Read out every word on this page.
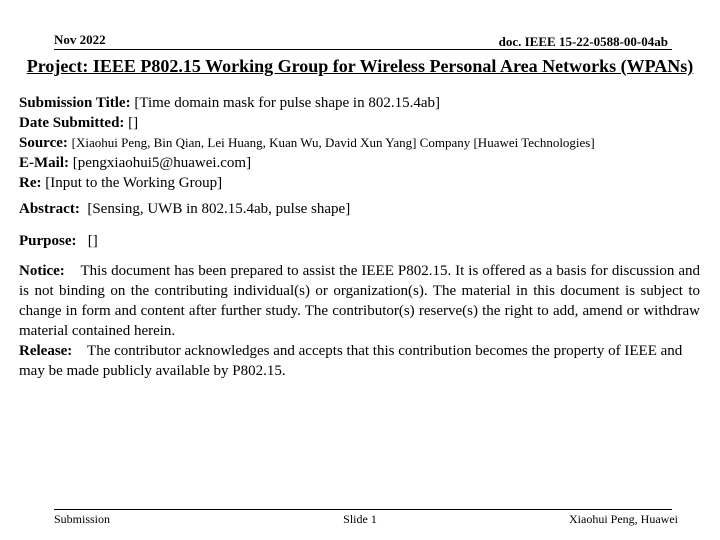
Nov 2022	doc. IEEE 15-22-0588-00-04ab
Project: IEEE P802.15 Working Group for Wireless Personal Area Networks (WPANs)
Submission Title: [Time domain mask for pulse shape in 802.15.4ab]
Date Submitted: []
Source: [Xiaohui Peng, Bin Qian, Lei Huang, Kuan Wu, David Xun Yang] Company [Huawei Technologies]
E-Mail: [pengxiaohui5@huawei.com]
Re: [Input to the Working Group]
Abstract: [Sensing, UWB in 802.15.4ab, pulse shape]
Purpose: []
Notice: This document has been prepared to assist the IEEE P802.15. It is offered as a basis for discussion and is not binding on the contributing individual(s) or organization(s). The material in this document is subject to change in form and content after further study. The contributor(s) reserve(s) the right to add, amend or withdraw material contained herein.
Release: The contributor acknowledges and accepts that this contribution becomes the property of IEEE and may be made publicly available by P802.15.
Submission	Slide 1	Xiaohui Peng, Huawei
